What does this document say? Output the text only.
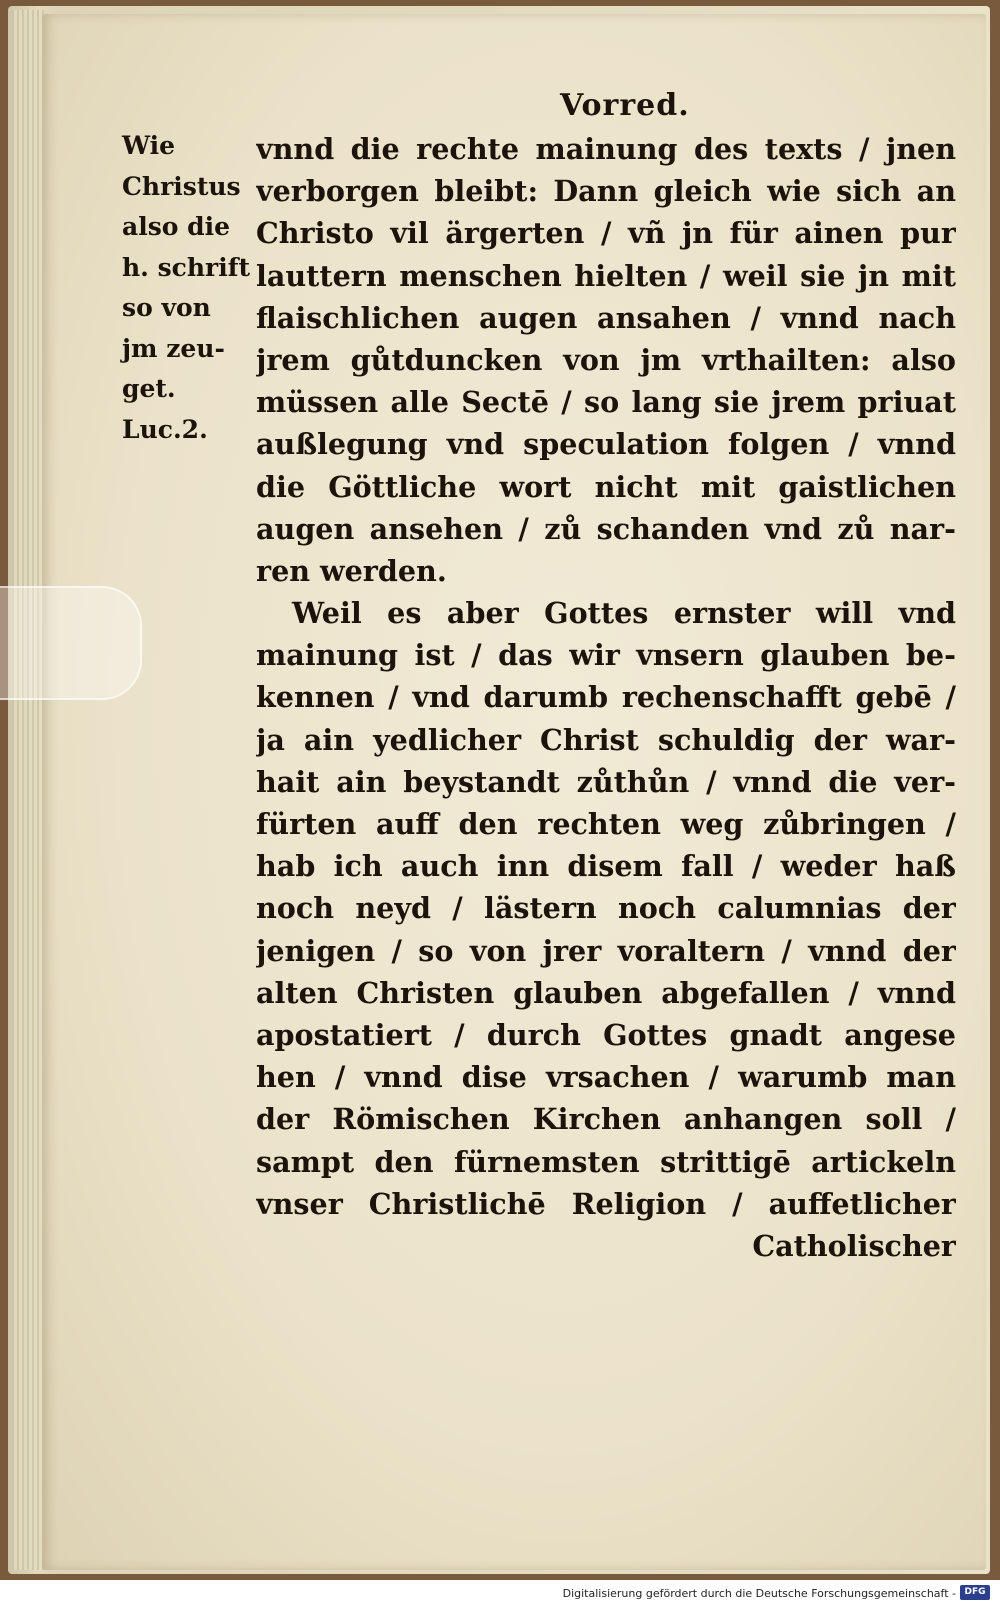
Vorred.
Wie
Christus
also die
h. schrift
so von
jm zeu-
get.
Luc.2.
vnnd die rechte mainung des texts / jnen
verborgen bleibt: Dann gleich wie sich an
Christo vil ärgerten / vñ jn für ainen pur
lauttern menschen hielten / weil sie jn mit
flaischlichen augen ansahen / vnnd nach
jrem gůtduncken von jm vrthailten: also
müssen alle Sectē / so lang sie jrem priuat
außlegung vnd speculation folgen / vnnd
die Göttliche wort nicht mit gaistlichen
augen ansehen / zů schanden vnd zů nar-
ren werden.
Weil es aber Gottes ernster will vnd
mainung ist / das wir vnsern glauben be-
kennen / vnd darumb rechenschafft gebē /
ja ain yedlicher Christ schuldig der war-
hait ain beystandt zůthůn / vnnd die ver-
fürten auff den rechten weg zůbringen /
hab ich auch inn disem fall / weder haß
noch neyd / lästern noch calumnias der
jenigen / so von jrer voraltern / vnnd der
alten Christen glauben abgefallen / vnnd
apostatiert / durch Gottes gnadt angese
hen / vnnd dise vrsachen / warumb man
der Römischen Kirchen anhangen soll /
sampt den fürnemsten strittigē artickeln
vnser Christlichē Religion / auffetlicher
Catholischer
Digitalisierung gefördert durch die Deutsche Forschungsgemeinschaft - DFG
